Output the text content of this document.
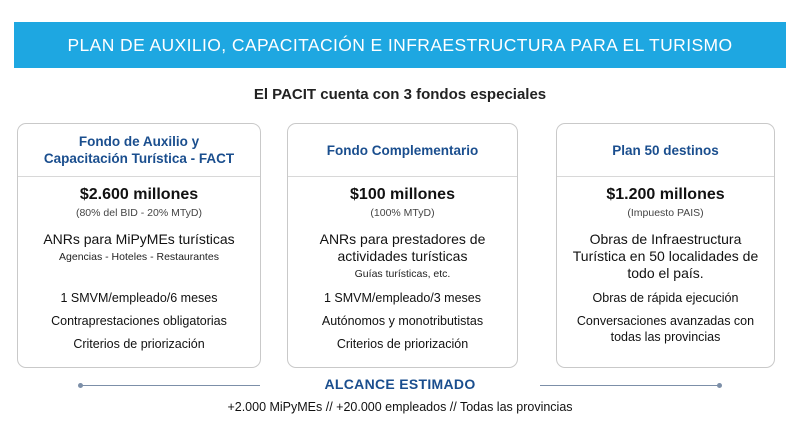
PLAN DE AUXILIO, CAPACITACIÓN E INFRAESTRUCTURA PARA EL TURISMO
El PACIT cuenta con 3 fondos especiales
Fondo de Auxilio y
Capacitación Turística - FACT
$2.600 millones
(80% del BID - 20% MTyD)
ANRs para MiPyMEs turísticas
Agencias - Hoteles - Restaurantes
1 SMVM/empleado/6 meses
Contraprestaciones obligatorias
Criterios de priorización
Fondo Complementario
$100 millones
(100% MTyD)
ANRs para prestadores de
actividades turísticas
Guías turísticas, etc.
1 SMVM/empleado/3 meses
Autónomos y monotributistas
Criterios de priorización
Plan 50 destinos
$1.200 millones
(Impuesto PAIS)
Obras de Infraestructura
Turística en 50 localidades de
todo el país.
Obras de rápida ejecución
Conversaciones avanzadas con
todas las provincias
ALCANCE ESTIMADO
+2.000 MiPyMEs // +20.000 empleados // Todas las provincias
